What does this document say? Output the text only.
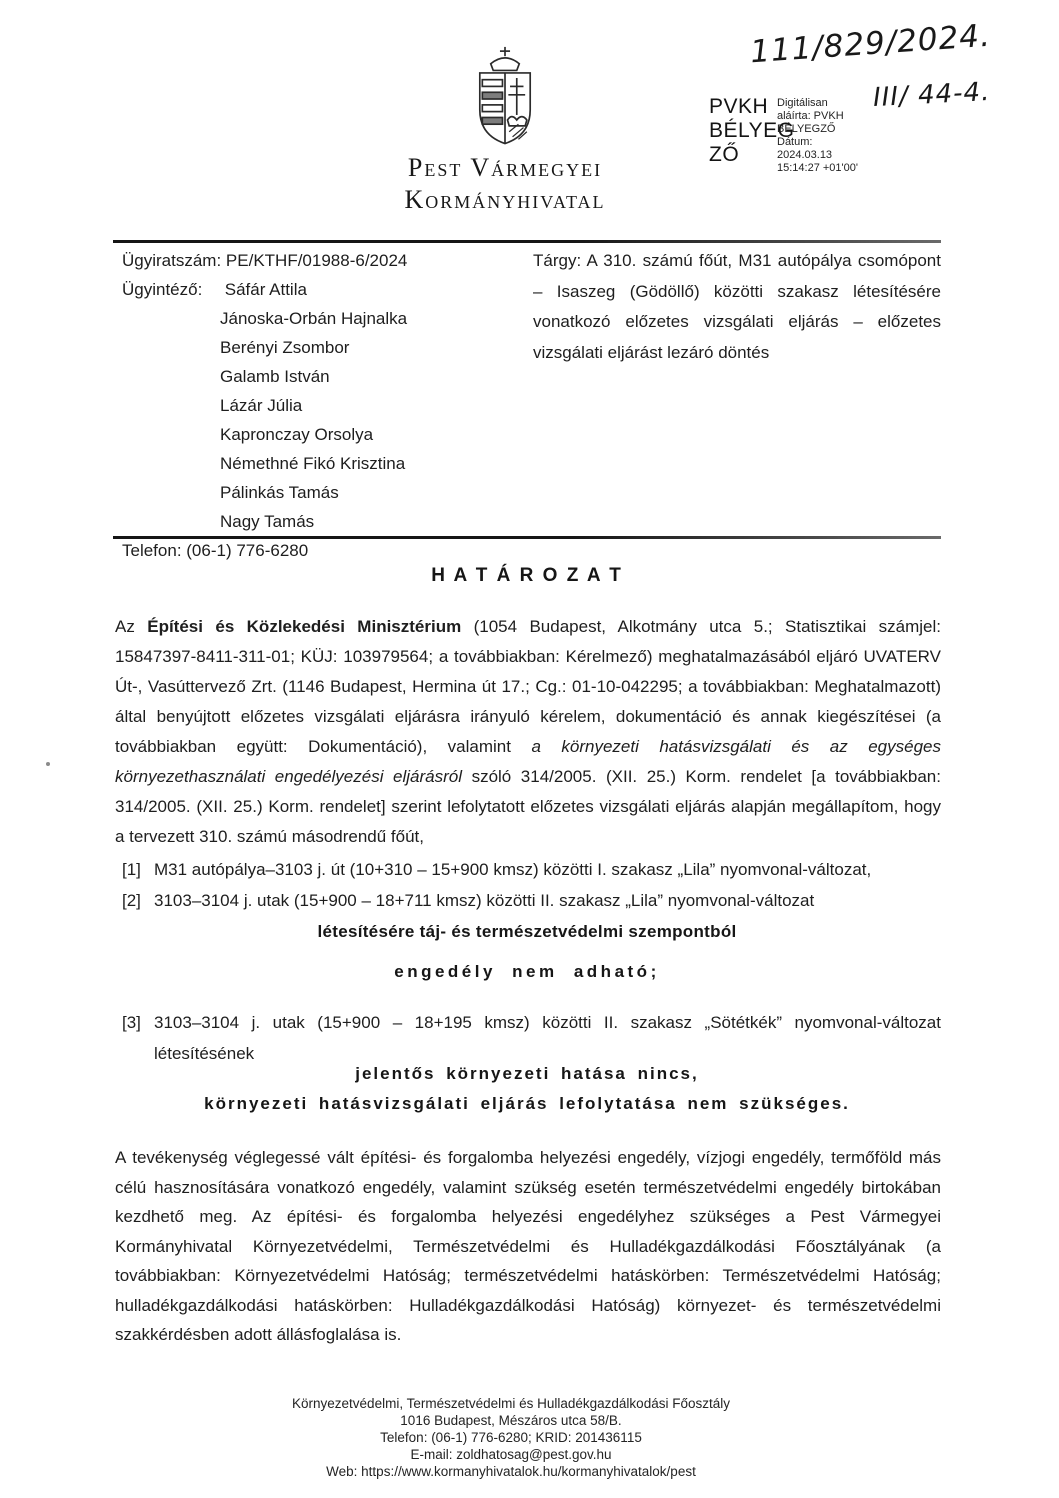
Pest Vármegyei
Kormányhivatal
PVKH
BÉLYEG
ZŐ
Digitálisan
aláírta: PVKH
BÉLYEGZŐ
Dátum:
2024.03.13
15:14:27 +01'00'
111/829/2024.
III/ 44-4.
Ügyiratszám: PE/KTHF/01988-6/2024
Ügyintéző: Sáfár Attila
Jánoska-Orbán Hajnalka
Berényi Zsombor
Galamb István
Lázár Júlia
Kapronczay Orsolya
Némethné Fikó Krisztina
Pálinkás Tamás
Nagy Tamás
Telefon: (06-1) 776-6280
Tárgy: A 310. számú főút, M31 autópálya csomópont – Isaszeg (Gödöllő) közötti szakasz létesítésére vonatkozó előzetes vizsgálati eljárás – előzetes vizsgálati eljárást lezáró döntés
H A T Á R O Z A T
Az Építési és Közlekedési Minisztérium (1054 Budapest, Alkotmány utca 5.; Statisztikai számjel: 15847397-8411-311-01; KÜJ: 103979564; a továbbiakban: Kérelmező) meghatalmazásából eljáró UVATERV Út-, Vasúttervező Zrt. (1146 Budapest, Hermina út 17.; Cg.: 01-10-042295; a továbbiakban: Meghatalmazott) által benyújtott előzetes vizsgálati eljárásra irányuló kérelem, dokumentáció és annak kiegészítései (a továbbiakban együtt: Dokumentáció), valamint a környezeti hatásvizsgálati és az egységes környezethasználati engedélyezési eljárásról szóló 314/2005. (XII. 25.) Korm. rendelet [a továbbiakban: 314/2005. (XII. 25.) Korm. rendelet] szerint lefolytatott előzetes vizsgálati eljárás alapján megállapítom, hogy a tervezett 310. számú másodrendű főút,
[1] M31 autópálya–3103 j. út (10+310 – 15+900 kmsz) közötti I. szakasz „Lila” nyomvonal-változat,
[2] 3103–3104 j. utak (15+900 – 18+711 kmsz) közötti II. szakasz „Lila” nyomvonal-változat
létesítésére táj- és természetvédelmi szempontból
engedély nem adható;
[3] 3103–3104 j. utak (15+900 – 18+195 kmsz) közötti II. szakasz „Sötétkék” nyomvonal-változat létesítésének
jelentős környezeti hatása nincs,
környezeti hatásvizsgálati eljárás lefolytatása nem szükséges.
A tevékenység véglegessé vált építési- és forgalomba helyezési engedély, vízjogi engedély, termőföld más célú hasznosítására vonatkozó engedély, valamint szükség esetén természetvédelmi engedély birtokában kezdhető meg. Az építési- és forgalomba helyezési engedélyhez szükséges a Pest Vármegyei Kormányhivatal Környezetvédelmi, Természetvédelmi és Hulladékgazdálkodási Főosztályának (a továbbiakban: Környezetvédelmi Hatóság; természetvédelmi hatáskörben: Természetvédelmi Hatóság; hulladékgazdálkodási hatáskörben: Hulladékgazdálkodási Hatóság) környezet- és természetvédelmi szakkérdésben adott állásfoglalása is.
Környezetvédelmi, Természetvédelmi és Hulladékgazdálkodási Főosztály
1016 Budapest, Mészáros utca 58/B.
Telefon: (06-1) 776-6280; KRID: 201436115
E-mail: zoldhatosag@pest.gov.hu
Web: https://www.kormanyhivatalok.hu/kormanyhivatalok/pest
